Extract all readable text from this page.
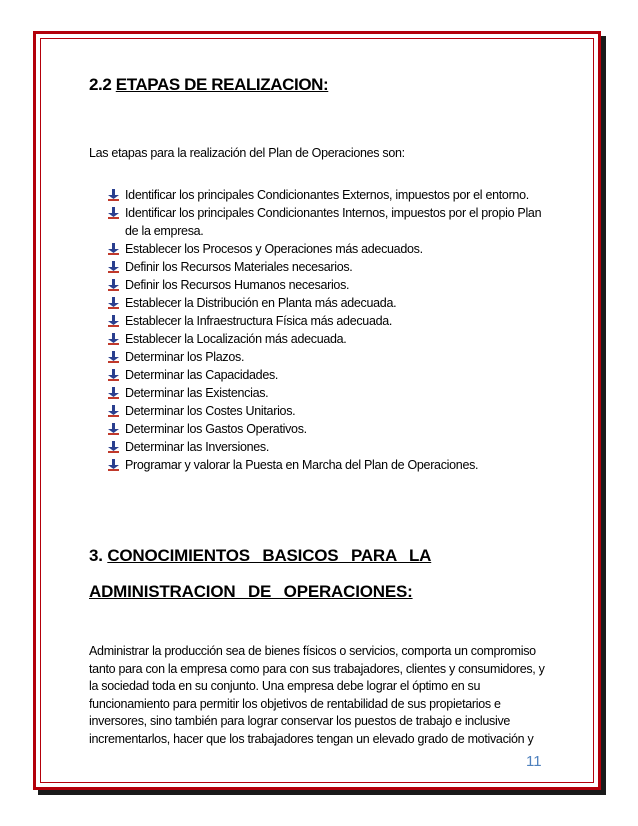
2.2 ETAPAS DE REALIZACION:
Las etapas para la realización del Plan de Operaciones son:
Identificar los principales Condicionantes Externos, impuestos por el entorno.
Identificar los principales Condicionantes Internos, impuestos por el propio Plan de la empresa.
Establecer los Procesos y Operaciones más adecuados.
Definir los Recursos Materiales necesarios.
Definir los Recursos Humanos necesarios.
Establecer la Distribución en Planta más adecuada.
Establecer la Infraestructura Física más adecuada.
Establecer la Localización más adecuada.
Determinar los Plazos.
Determinar las Capacidades.
Determinar las Existencias.
Determinar los Costes Unitarios.
Determinar los Gastos Operativos.
Determinar las Inversiones.
Programar y valorar la Puesta en Marcha del Plan de Operaciones.
3. CONOCIMIENTOS BASICOS PARA LA
ADMINISTRACION DE OPERACIONES:

Administrar la producción sea de bienes físicos o servicios, comporta un compromiso tanto para con la empresa como para con sus trabajadores, clientes y consumidores, y la sociedad toda en su conjunto. Una empresa debe lograr el óptimo en su funcionamiento para permitir los objetivos de rentabilidad de sus propietarios e inversores, sino también para lograr conservar los puestos de trabajo e inclusive incrementarlos, hacer que los trabajadores tengan un elevado grado de motivación y

11
